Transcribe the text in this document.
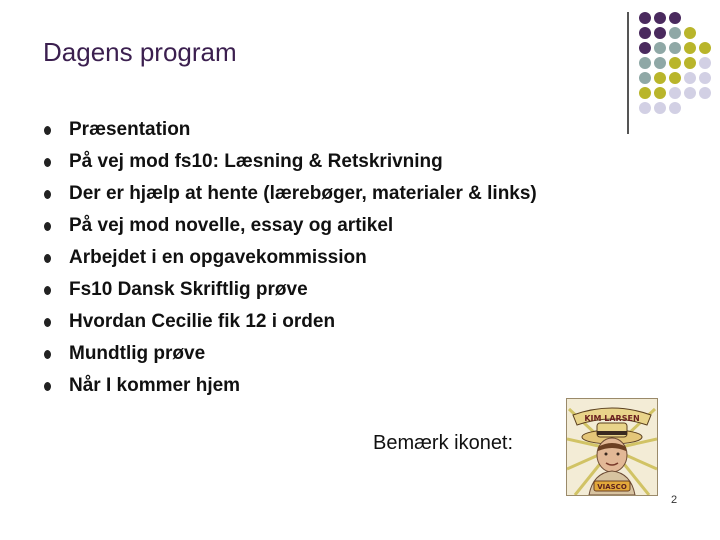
Dagens program
Præsentation
På vej mod fs10: Læsning & Retskrivning
Der er hjælp at hente (lærebøger, materialer & links)
På vej mod novelle, essay og artikel
Arbejdet i en opgavekommission
Fs10 Dansk Skriftlig prøve
Hvordan Cecilie fik 12 i orden
Mundtlig prøve
Når I kommer hjem
Bemærk ikonet:
KIM LARSEN
VIASCO
2
